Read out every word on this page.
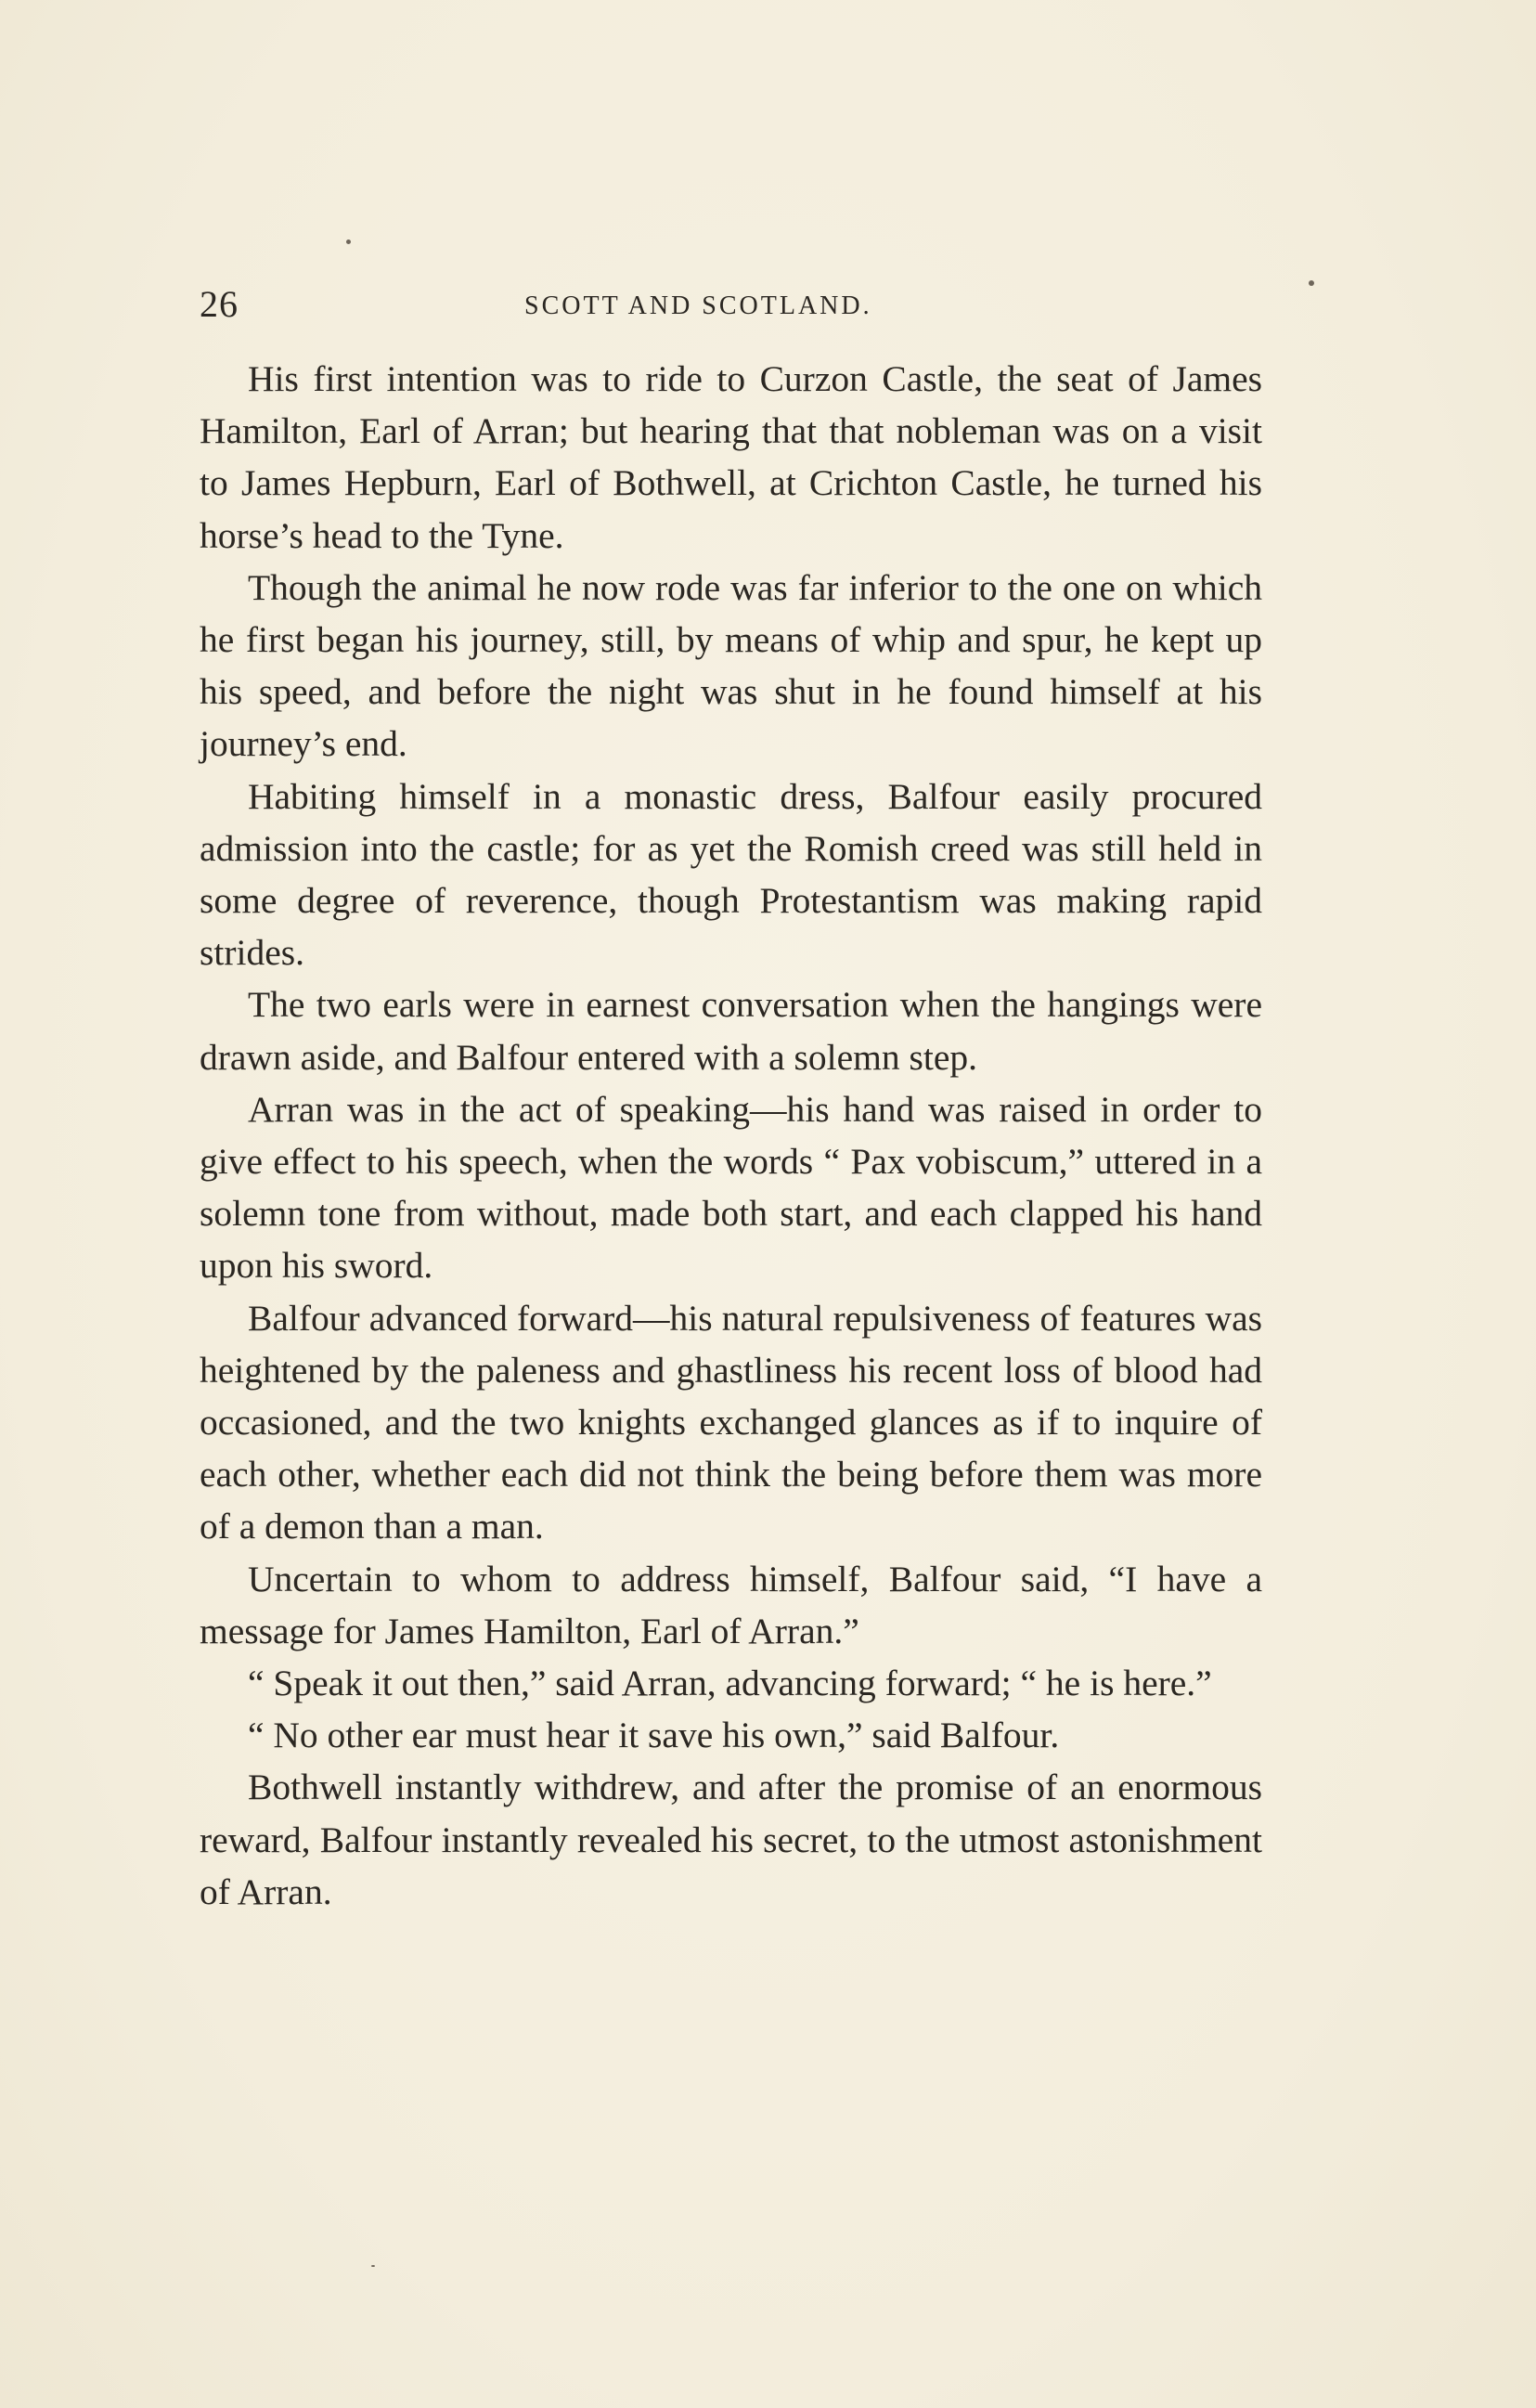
26	SCOTT AND SCOTLAND.

His first intention was to ride to Curzon Castle, the seat of James Hamilton, Earl of Arran; but hearing that that nobleman was on a visit to James Hepburn, Earl of Bothwell, at Crichton Castle, he turned his horse’s head to the Tyne.

Though the animal he now rode was far inferior to the one on which he first began his journey, still, by means of whip and spur, he kept up his speed, and before the night was shut in he found himself at his journey’s end.

Habiting himself in a monastic dress, Balfour easily procured admission into the castle; for as yet the Romish creed was still held in some degree of reverence, though Protestantism was making rapid strides.

The two earls were in earnest conversation when the hangings were drawn aside, and Balfour entered with a solemn step.

Arran was in the act of speaking—his hand was raised in order to give effect to his speech, when the words “ Pax vobiscum,” uttered in a solemn tone from without, made both start, and each clapped his hand upon his sword.

Balfour advanced forward—his natural repulsiveness of features was heightened by the paleness and ghastliness his recent loss of blood had occasioned, and the two knights exchanged glances as if to inquire of each other, whether each did not think the being before them was more of a demon than a man.

Uncertain to whom to address himself, Balfour said, “I have a message for James Hamilton, Earl of Arran.”

“ Speak it out then,” said Arran, advancing forward; “ he is here.”

“ No other ear must hear it save his own,” said Balfour.

Bothwell instantly withdrew, and after the promise of an enormous reward, Balfour instantly revealed his secret, to the utmost astonishment of Arran.
